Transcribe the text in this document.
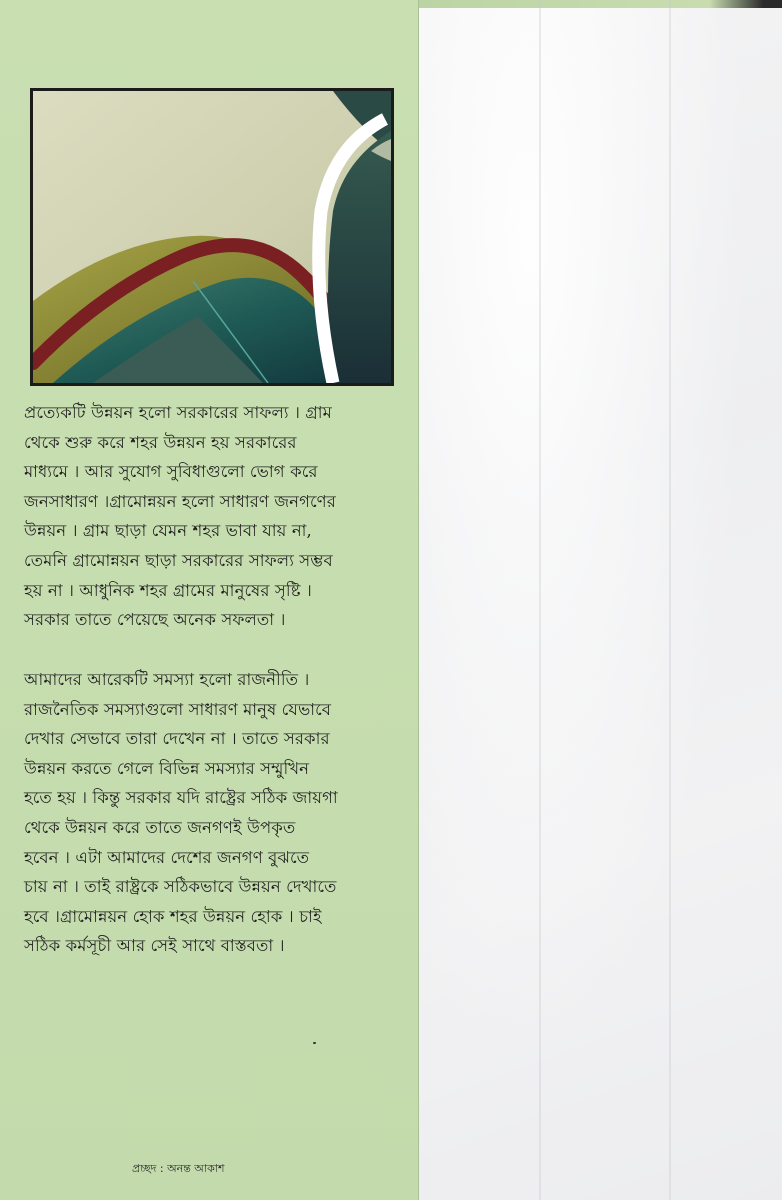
প্রত্যেকটি উন্নয়ন হলো সরকারের সাফল্য । গ্রাম
থেকে শুরু করে শহর উন্নয়ন হয় সরকারের
মাধ্যমে । আর সুযোগ সুবিধাগুলো ভোগ করে
জনসাধারণ ।গ্রামোন্নয়ন হলো সাধারণ জনগণের
উন্নয়ন । গ্রাম ছাড়া যেমন শহর ভাবা যায় না,
তেমনি গ্রামোন্নয়ন ছাড়া সরকারের সাফল্য সম্ভব
হয় না । আধুনিক শহর গ্রামের মানুষের সৃষ্টি ।
সরকার তাতে পেয়েছে অনেক সফলতা ।
আমাদের আরেকটি সমস্যা হলো রাজনীতি ।
রাজনৈতিক সমস্যাগুলো সাধারণ মানুষ যেভাবে
দেখার সেভাবে তারা দেখেন না । তাতে সরকার
উন্নয়ন করতে গেলে বিভিন্ন সমস্যার সম্মুখিন
হতে হয় । কিন্তু সরকার যদি রাষ্ট্রের সঠিক জায়গা
থেকে উন্নয়ন করে তাতে জনগণই উপকৃত
হবেন । এটা আমাদের দেশের জনগণ বুঝতে
চায় না । তাই রাষ্ট্রকে সঠিকভাবে উন্নয়ন দেখাতে
হবে ।গ্রামোন্নয়ন হোক শহর উন্নয়ন হোক । চাই
সঠিক কর্মসূচী আর সেই সাথে বাস্তবতা ।
প্রচ্ছদ : অনন্ত আকাশ
